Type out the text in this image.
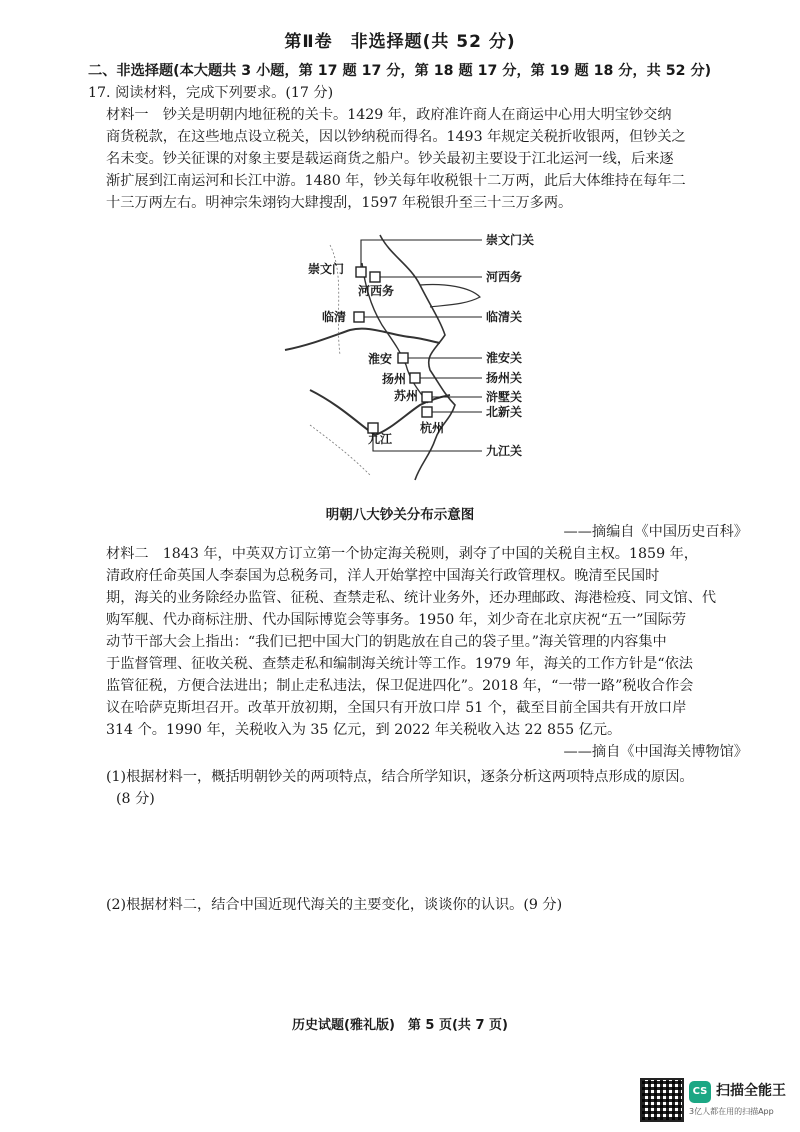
第Ⅱ卷　非选择题(共 52 分)
二、非选择题(本大题共 3 小题，第 17 题 17 分，第 18 题 17 分，第 19 题 18 分，共 52 分)
17. 阅读材料，完成下列要求。(17 分)
材料一　钞关是明朝内地征税的关卡。1429 年，政府准许商人在商运中心用大明宝钞交纳
商货税款，在这些地点设立税关，因以钞纳税而得名。1493 年规定关税折收银两，但钞关之
名未变。钞关征课的对象主要是载运商货之船户。钞关最初主要设于江北运河一线，后来逐
渐扩展到江南运河和长江中游。1480 年，钞关每年收税银十二万两，此后大体维持在每年二
十三万两左右。明神宗朱翊钧大肆搜刮，1597 年税银升至三十三万多两。
崇文门
河西务
临清
淮安
扬州
苏州
杭州
九江
崇文门关
河西务
临清关
淮安关
扬州关
浒墅关
北新关
九江关
明朝八大钞关分布示意图
——摘编自《中国历史百科》
材料二　1843 年，中英双方订立第一个协定海关税则，剥夺了中国的关税自主权。1859 年，
清政府任命英国人李泰国为总税务司，洋人开始掌控中国海关行政管理权。晚清至民国时
期，海关的业务除经办监管、征税、查禁走私、统计业务外，还办理邮政、海港检疫、同文馆、代
购军舰、代办商标注册、代办国际博览会等事务。1950 年，刘少奇在北京庆祝“五一”国际劳
动节干部大会上指出：“我们已把中国大门的钥匙放在自己的袋子里。”海关管理的内容集中
于监督管理、征收关税、查禁走私和编制海关统计等工作。1979 年，海关的工作方针是“依法
监管征税，方便合法进出；制止走私违法，保卫促进四化”。2018 年，“一带一路”税收合作会
议在哈萨克斯坦召开。改革开放初期，全国只有开放口岸 51 个，截至目前全国共有开放口岸
314 个。1990 年，关税收入为 35 亿元，到 2022 年关税收入达 22 855 亿元。
——摘自《中国海关博物馆》
(1)根据材料一，概括明朝钞关的两项特点，结合所学知识，逐条分析这两项特点形成的原因。
(8 分)
(2)根据材料二，结合中国近现代海关的主要变化，谈谈你的认识。(9 分)
历史试题(雅礼版)　第 5 页(共 7 页)
CS 扫描全能王
3亿人都在用的扫描App
